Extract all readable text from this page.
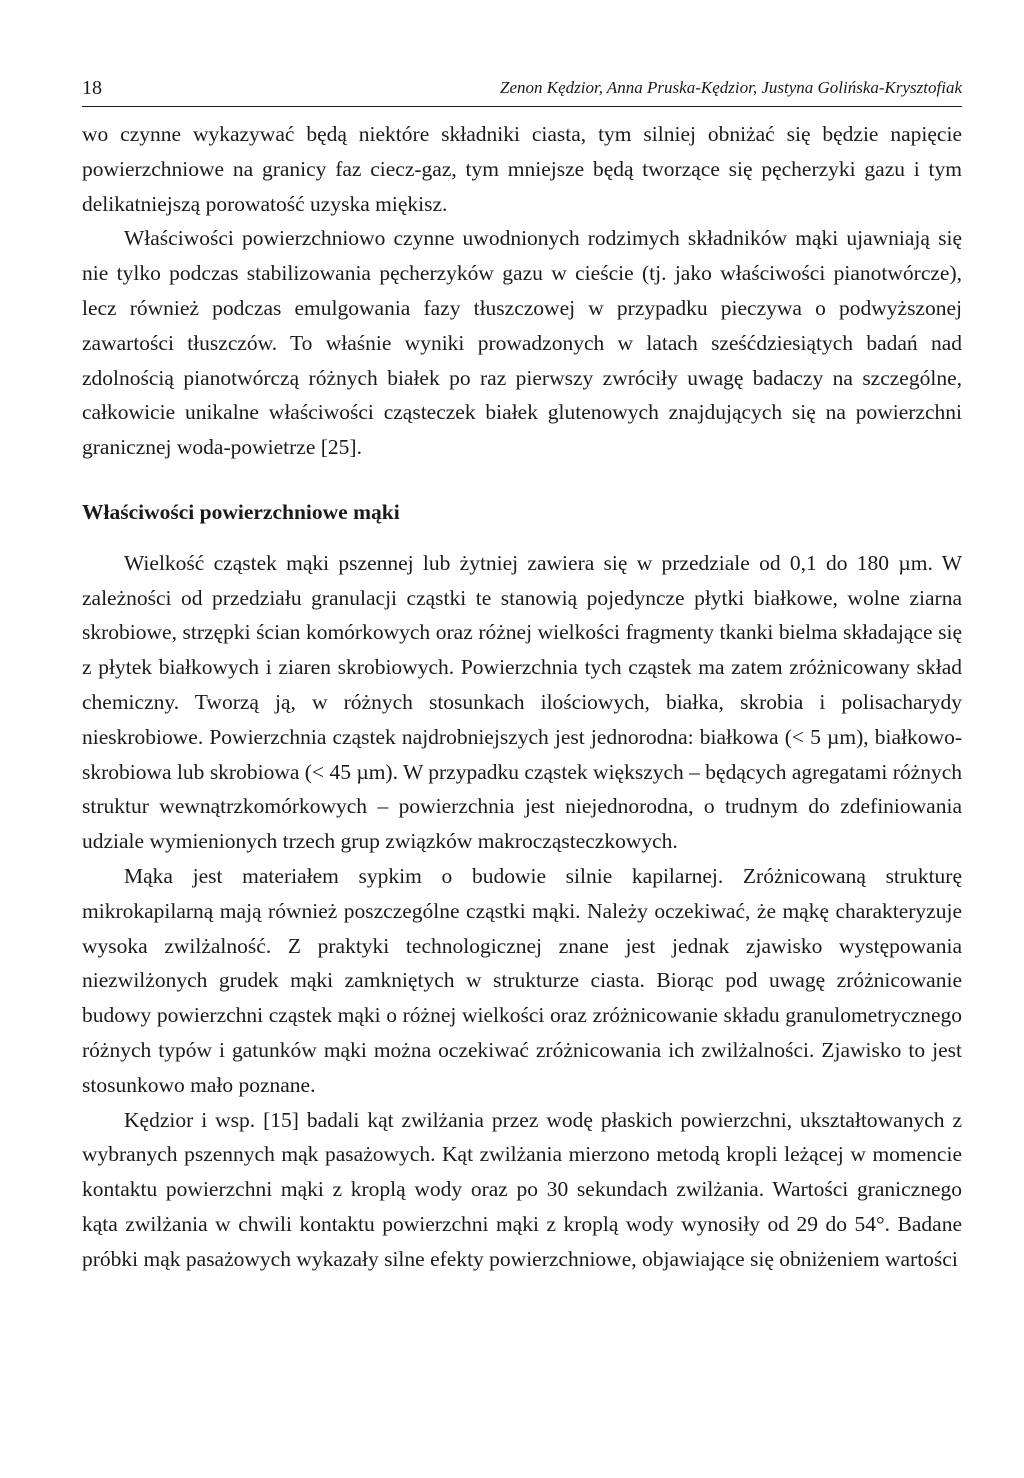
18	Zenon Kędzior, Anna Pruska-Kędzior, Justyna Golińska-Krysztofiak

wo czynne wykazywać będą niektóre składniki ciasta, tym silniej obniżać się będzie napięcie powierzchniowe na granicy faz ciecz-gaz, tym mniejsze będą tworzące się pęcherzyki gazu i tym delikatniejszą porowatość uzyska miękisz.

Właściwości powierzchniowo czynne uwodnionych rodzimych składników mąki ujawniają się nie tylko podczas stabilizowania pęcherzyków gazu w cieście (tj. jako właściwości pianotwórcze), lecz również podczas emulgowania fazy tłuszczowej w przypadku pieczywa o podwyższonej zawartości tłuszczów. To właśnie wyniki prowadzonych w latach sześćdziesiątych badań nad zdolnością pianotwórczą różnych białek po raz pierwszy zwróciły uwagę badaczy na szczególne, całkowicie unikalne właściwości cząsteczek białek glutenowych znajdujących się na powierzchni granicznej woda-powietrze [25].

Właściwości powierzchniowe mąki

Wielkość cząstek mąki pszennej lub żytniej zawiera się w przedziale od 0,1 do 180 µm. W zależności od przedziału granulacji cząstki te stanowią pojedyncze płytki białkowe, wolne ziarna skrobiowe, strzępki ścian komórkowych oraz różnej wielkości fragmenty tkanki bielma składające się z płytek białkowych i ziaren skrobiowych. Powierzchnia tych cząstek ma zatem zróżnicowany skład chemiczny. Tworzą ją, w różnych stosunkach ilościowych, białka, skrobia i polisacharydy nieskrobiowe. Powierzchnia cząstek najdrobniejszych jest jednorodna: białkowa (< 5 µm), białkowo-skrobiowa lub skrobiowa (< 45 µm). W przypadku cząstek większych – będących agregatami różnych struktur wewnątrzkomórkowych – powierzchnia jest niejednorodna, o trudnym do zdefiniowania udziale wymienionych trzech grup związków makrocząsteczkowych.

Mąka jest materiałem sypkim o budowie silnie kapilarnej. Zróżnicowaną strukturę mikrokapilarną mają również poszczególne cząstki mąki. Należy oczekiwać, że mąkę charakteryzuje wysoka zwilżalność. Z praktyki technologicznej znane jest jednak zjawisko występowania niezwilżonych grudek mąki zamkniętych w strukturze ciasta. Biorąc pod uwagę zróżnicowanie budowy powierzchni cząstek mąki o różnej wielkości oraz zróżnicowanie składu granulometrycznego różnych typów i gatunków mąki można oczekiwać zróżnicowania ich zwilżalności. Zjawisko to jest stosunkowo mało poznane.

Kędzior i wsp. [15] badali kąt zwilżania przez wodę płaskich powierzchni, ukształtowanych z wybranych pszennych mąk pasażowych. Kąt zwilżania mierzono metodą kropli leżącej w momencie kontaktu powierzchni mąki z kroplą wody oraz po 30 sekundach zwilżania. Wartości granicznego kąta zwilżania w chwili kontaktu powierzchni mąki z kroplą wody wynosiły od 29 do 54°. Badane próbki mąk pasażowych wykazały silne efekty powierzchniowe, objawiające się obniżeniem wartości
